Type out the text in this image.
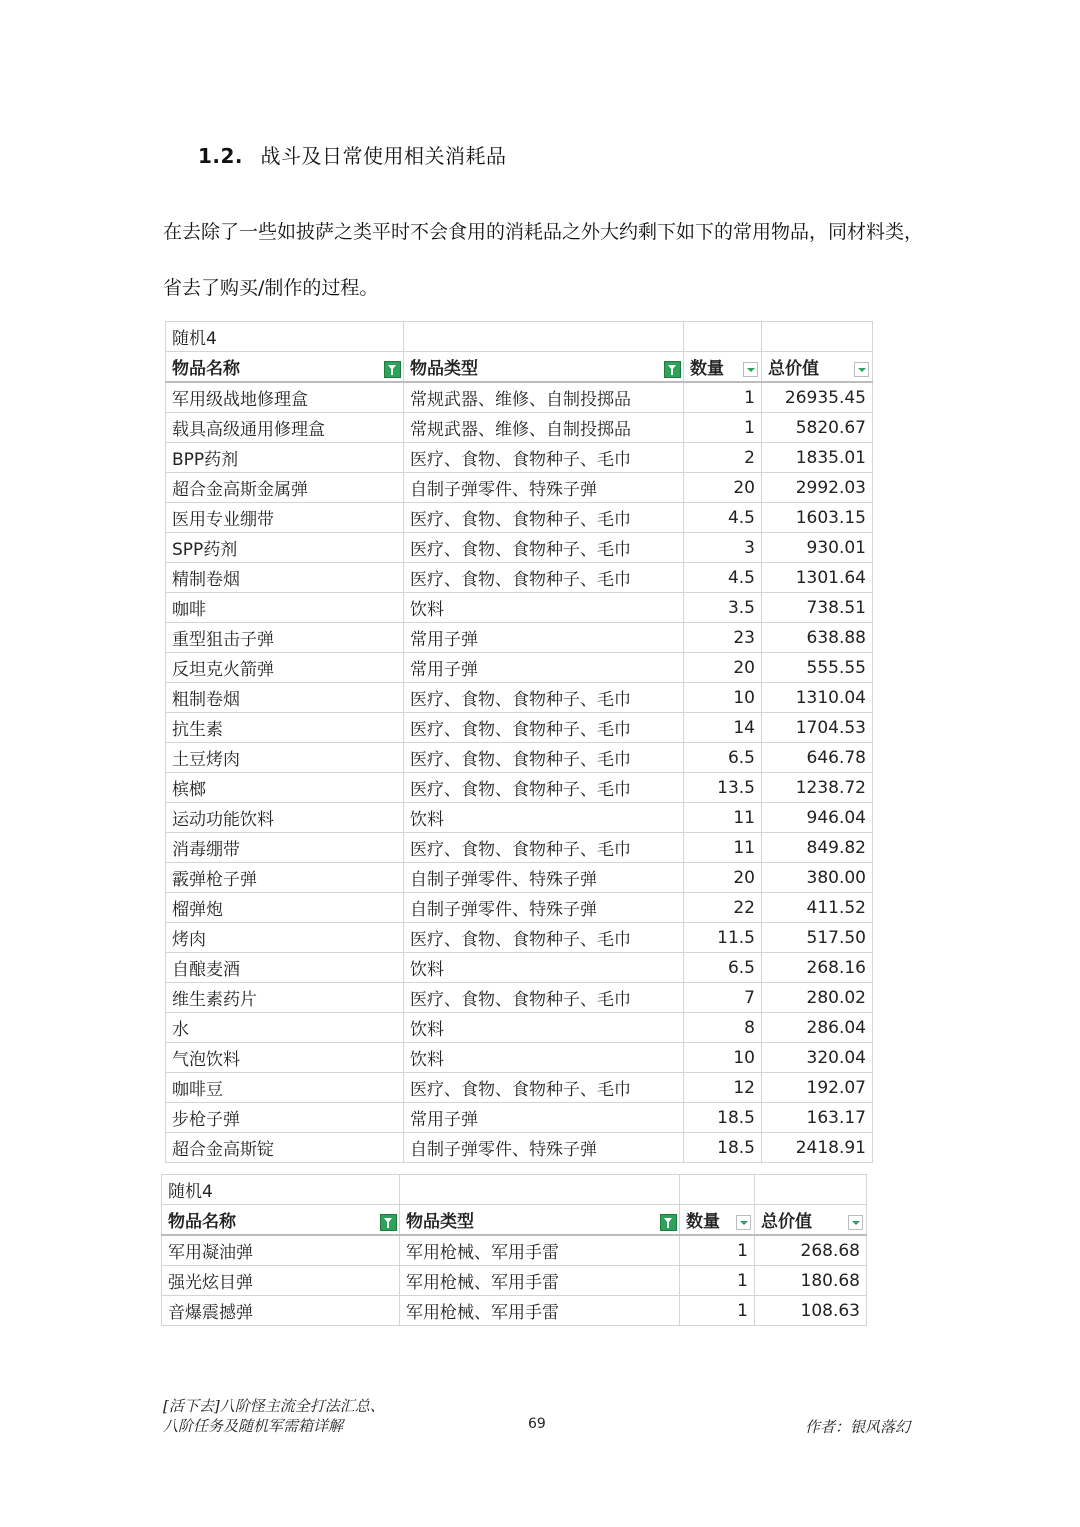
1.2. 战斗及日常使用相关消耗品
在去除了一些如披萨之类平时不会食用的消耗品之外大约剩下如下的常用物品，同材料类，
省去了购买/制作的过程。
随机4			
物品名称	物品类型	数量	总价值

军用级战地修理盒	常规武器、维修、自制投掷品	1	26935.45
载具高级通用修理盒	常规武器、维修、自制投掷品	1	5820.67
BPP药剂	医疗、食物、食物种子、毛巾	2	1835.01
超合金高斯金属弹	自制子弹零件、特殊子弹	20	2992.03
医用专业绷带	医疗、食物、食物种子、毛巾	4.5	1603.15
SPP药剂	医疗、食物、食物种子、毛巾	3	930.01
精制卷烟	医疗、食物、食物种子、毛巾	4.5	1301.64
咖啡	饮料	3.5	738.51
重型狙击子弹	常用子弹	23	638.88
反坦克火箭弹	常用子弹	20	555.55
粗制卷烟	医疗、食物、食物种子、毛巾	10	1310.04
抗生素	医疗、食物、食物种子、毛巾	14	1704.53
土豆烤肉	医疗、食物、食物种子、毛巾	6.5	646.78
槟榔	医疗、食物、食物种子、毛巾	13.5	1238.72
运动功能饮料	饮料	11	946.04
消毒绷带	医疗、食物、食物种子、毛巾	11	849.82
霰弹枪子弹	自制子弹零件、特殊子弹	20	380.00
榴弹炮	自制子弹零件、特殊子弹	22	411.52
烤肉	医疗、食物、食物种子、毛巾	11.5	517.50
自酿麦酒	饮料	6.5	268.16
维生素药片	医疗、食物、食物种子、毛巾	7	280.02
水	饮料	8	286.04
气泡饮料	饮料	10	320.04
咖啡豆	医疗、食物、食物种子、毛巾	12	192.07
步枪子弹	常用子弹	18.5	163.17
超合金高斯锭	自制子弹零件、特殊子弹	18.5	2418.91
随机4			
物品名称	物品类型	数量	总价值

军用凝油弹	军用枪械、军用手雷	1	268.68
强光炫目弹	军用枪械、军用手雷	1	180.68
音爆震撼弹	军用枪械、军用手雷	1	108.63
[活下去]八阶怪主流全打法汇总、
八阶任务及随机军需箱详解	69	作者：银风落幻
